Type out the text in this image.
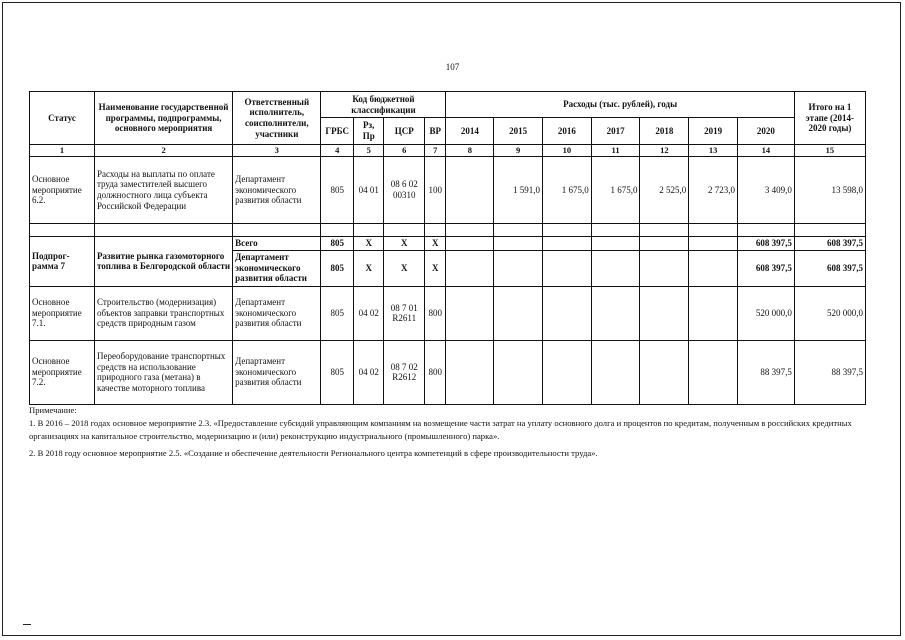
107
Статус	Наименование государственной программы, подпрограммы, основного мероприятия	Ответственный исполнитель, соисполнители, участники	Код бюджетной классификации				Расходы (тыс. рублей), годы							Итого на 1 этапе (2014-2020 годы)
			ГРБС	Рз, Пр	ЦСР	ВР	2014	2015	2016	2017	2018	2019	2020	
1	2	3	4	5	6	7	8	9	10	11	12	13	14	15
Основное мероприятие 6.2.	Расходы на выплаты по оплате труда заместителей высшего должностного лица субъекта Российской Федерации	Департамент экономического развития области	805	04 01	08 6 02 00310	100		1 591,0	1 675,0	1 675,0	2 525,0	2 723,0	3 409,0	13 598,0

Подпрог-рамма 7	Развитие рынка газомоторного топлива в Белгородской области	Всего	805	X	X	X							608 397,5	608 397,5
		Департамент экономического развития области	805	X	X	X							608 397,5	608 397,5
Основное мероприятие 7.1.	Строительство (модернизация) объектов заправки транспортных средств природным газом	Департамент экономического развития области	805	04 02	08 7 01 R2611	800							520 000,0	520 000,0
Основное мероприятие 7.2.	Переоборудование транспортных средств на использование природного газа (метана) в качестве моторного топлива	Департамент экономического развития области	805	04 02	08 7 02 R2612	800							88 397,5	88 397,5

Примечание:

1. В 2016 – 2018 годах основное мероприятие 2.3. «Предоставление субсидий управляющим компаниям на возмещение части затрат на уплату основного долга и процентов по кредитам, полученным в российских кредитных организациях на капитальное строительство, модернизацию и (или) реконструкцию индустриального (промышленного) парка».

2. В 2018 году основное мероприятие 2.5. «Создание и обеспечение деятельности Регионального центра компетенций в сфере производительности труда».
